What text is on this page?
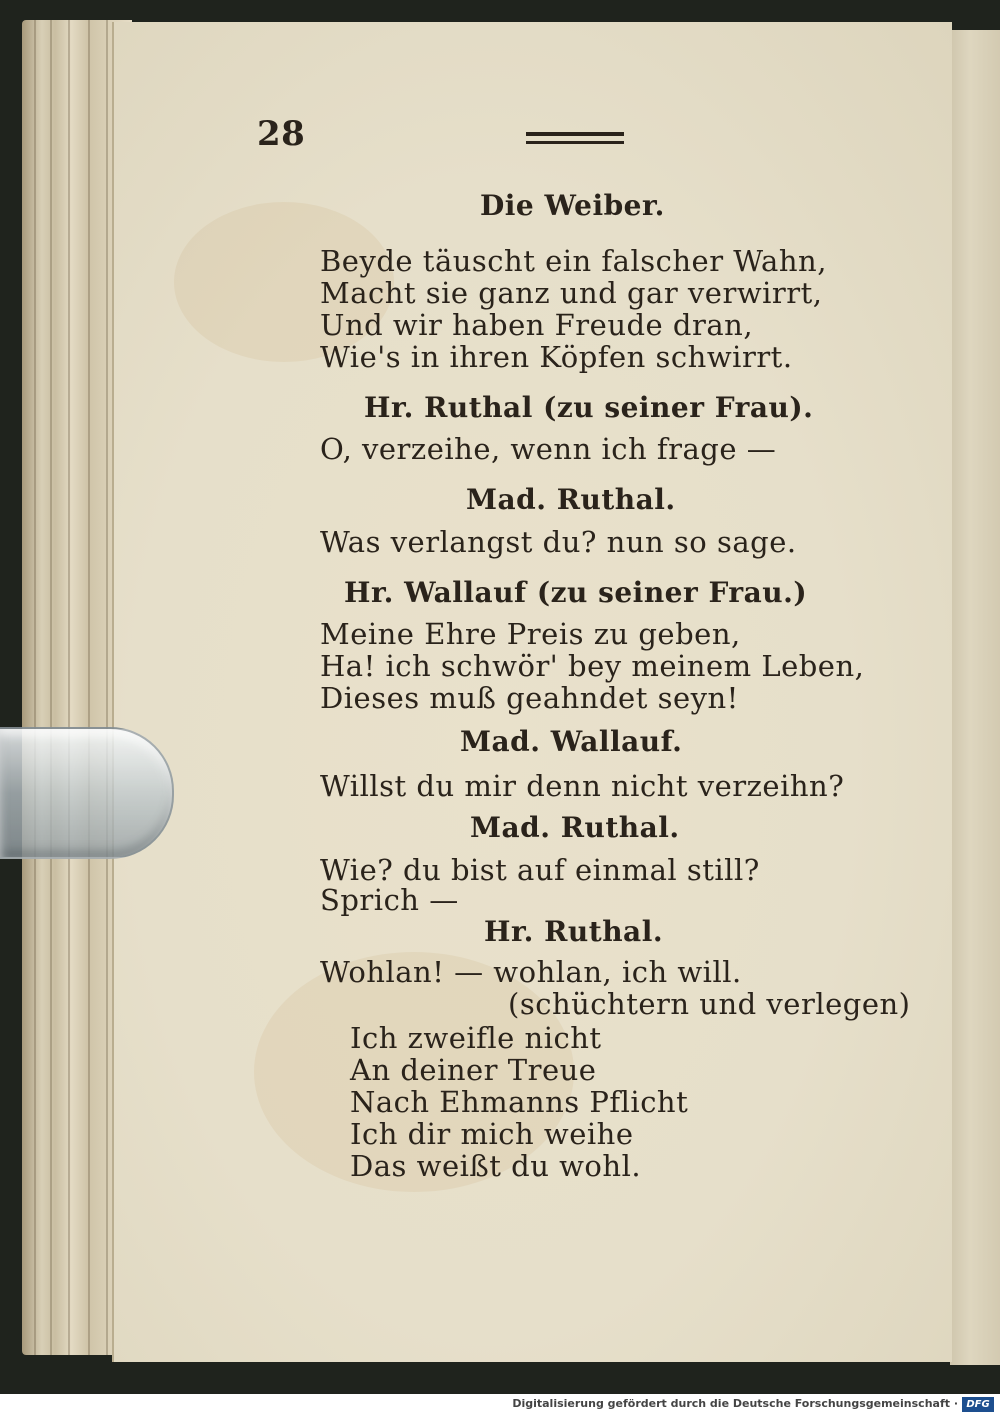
28
Die Weiber.
Beyde täuscht ein falscher Wahn,
Macht sie ganz und gar verwirrt,
Und wir haben Freude dran,
Wie's in ihren Köpfen schwirrt.
Hr. Ruthal (zu seiner Frau).
O, verzeihe, wenn ich frage —
Mad. Ruthal.
Was verlangst du? nun so sage.
Hr. Wallauf (zu seiner Frau.)
Meine Ehre Preis zu geben,
Ha! ich schwör' bey meinem Leben,
Dieses muß geahndet seyn!
Mad. Wallauf.
Willst du mir denn nicht verzeihn?
Mad. Ruthal.
Wie? du bist auf einmal still?
Sprich —
Hr. Ruthal.
Wohlan! — wohlan, ich will.
(schüchtern und verlegen)
Ich zweifle nicht
An deiner Treue
Nach Ehmanns Pflicht
Ich dir mich weihe
Das weißt du wohl.
Digitalisierung gefördert durch die Deutsche Forschungsgemeinschaft · DFG
